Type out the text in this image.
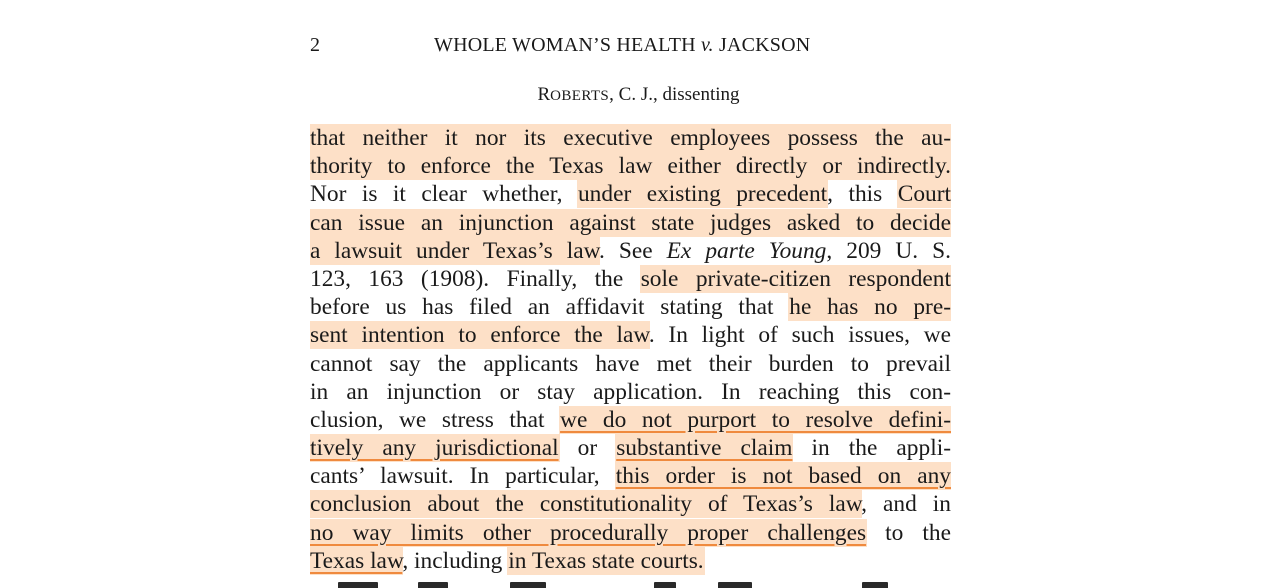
2	WHOLE WOMAN’S HEALTH v. JACKSON
ROBERTS, C. J., dissenting
that neither it nor its executive employees possess the au-
thority to enforce the Texas law either directly or indirectly.
Nor is it clear whether, under existing precedent, this Court
can issue an injunction against state judges asked to decide
a lawsuit under Texas’s law. See Ex parte Young, 209 U. S.
123, 163 (1908). Finally, the sole private-citizen respondent
before us has filed an affidavit stating that he has no pre-
sent intention to enforce the law. In light of such issues, we
cannot say the applicants have met their burden to prevail
in an injunction or stay application. In reaching this con-
clusion, we stress that we do not purport to resolve defini-
tively any jurisdictional or substantive claim in the appli-
cants’ lawsuit. In particular, this order is not based on any
conclusion about the constitutionality of Texas’s law, and in
no way limits other procedurally proper challenges to the
Texas law, including in Texas state courts.
